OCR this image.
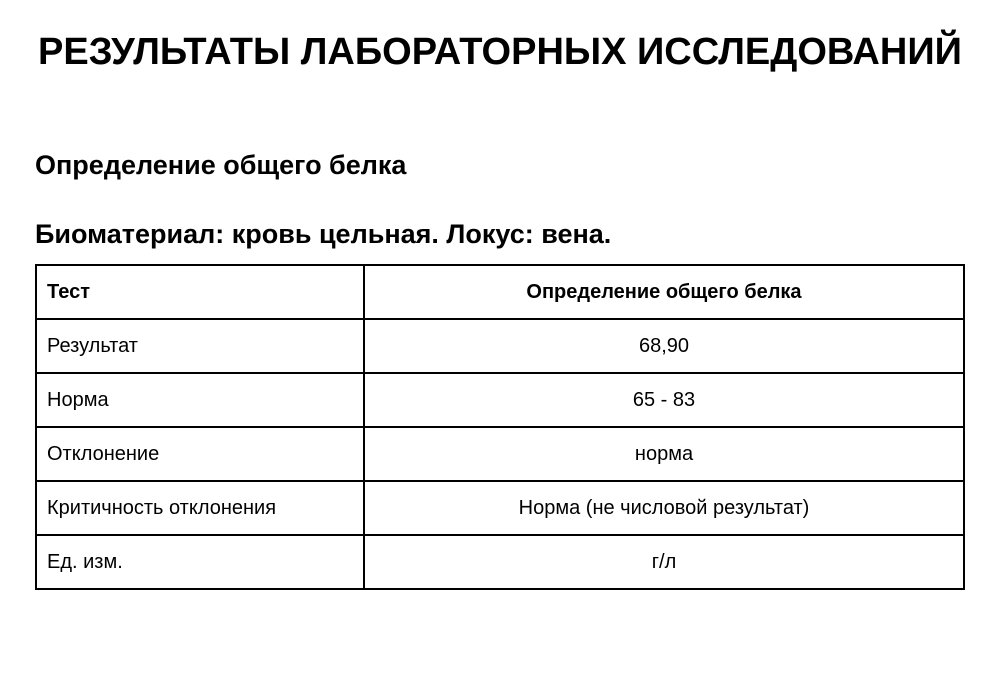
РЕЗУЛЬТАТЫ ЛАБОРАТОРНЫХ ИССЛЕДОВАНИЙ
Определение общего белка
Биоматериал: кровь цельная. Локус: вена.
Тест	Определение общего белка
Результат	68,90
Норма	65 - 83
Отклонение	норма
Критичность отклонения	Норма (не числовой результат)
Ед. изм.	г/л
